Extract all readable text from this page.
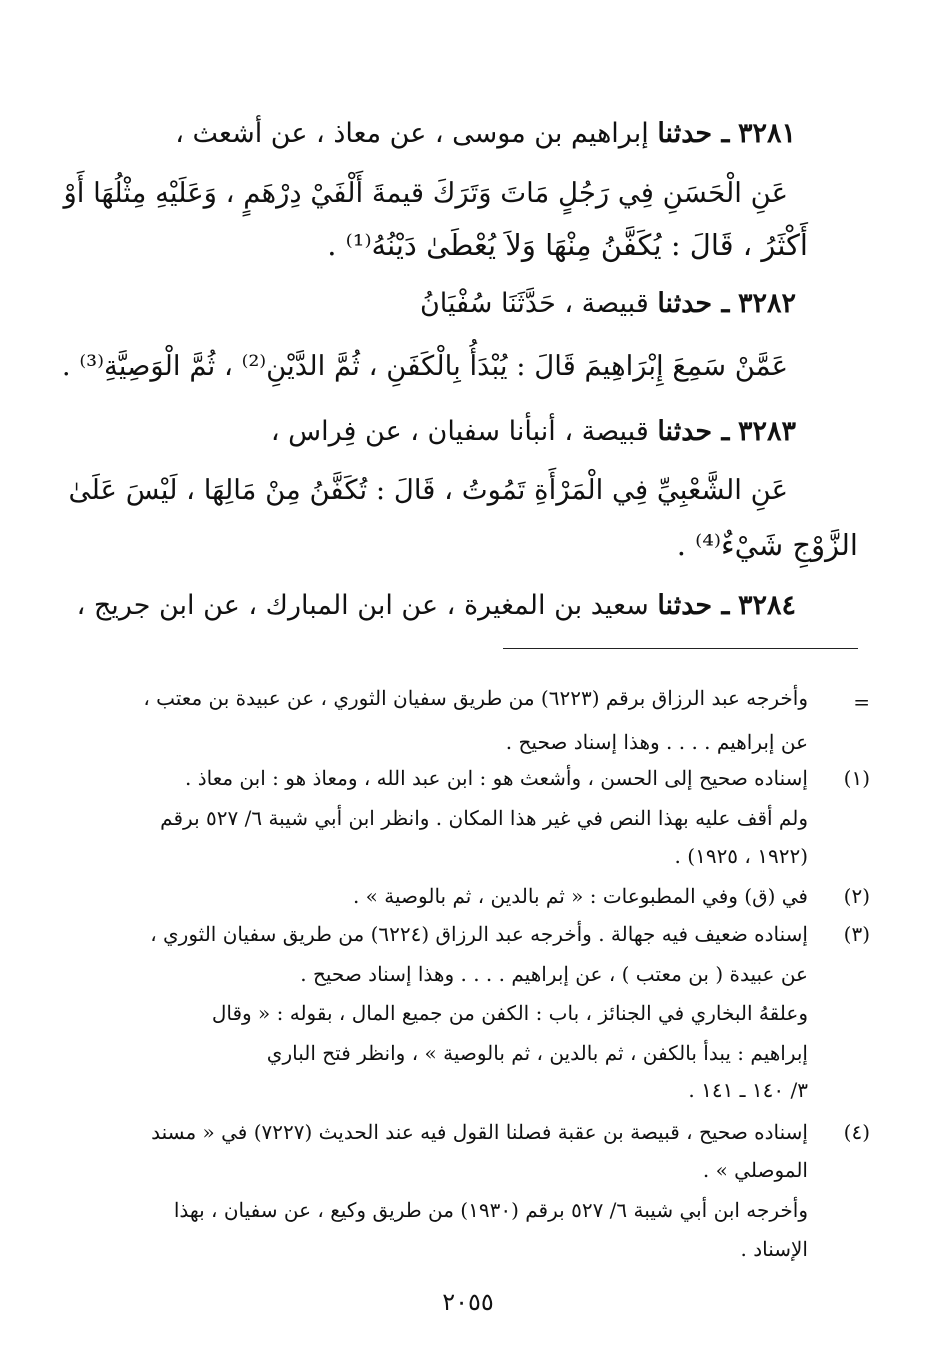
٣٢٨١ ـ حدثنا إبراهيم بن موسى ، عن معاذ ، عن أشعث ،
عَنِ الْحَسَنِ فِي رَجُلٍ مَاتَ وَتَرَكَ قيمةَ أَلْفَيْ دِرْهَمٍ ، وَعَلَيْهِ مِثْلُهَا أَوْ
أَكْثَرُ ، قَالَ : يُكَفَّنُ مِنْهَا وَلاَ يُعْطَىٰ دَيْنُهُ⁽¹⁾ .
٣٢٨٢ ـ حدثنا قبيصة ، حَدَّثَنَا سُفْيَانُ
عَمَّنْ سَمِعَ إِبْرَاهِيمَ قَالَ : يُبْدَأُ بِالْكَفَنِ ، ثُمَّ الدَّيْنِ⁽²⁾ ، ثُمَّ الْوَصِيَّةِ⁽³⁾ .
٣٢٨٣ ـ حدثنا قبيصة ، أنبأنا سفيان ، عن فِراس ،
عَنِ الشَّعْبِيِّ فِي الْمَرْأَةِ تَمُوتُ ، قَالَ : تُكَفَّنُ مِنْ مَالِهَا ، لَيْسَ عَلَىٰ
الزَّوْجِ شَيْءٌ⁽⁴⁾ .
٣٢٨٤ ـ حدثنا سعيد بن المغيرة ، عن ابن المبارك ، عن ابن جريج ،
=
وأخرجه عبد الرزاق برقم (٦٢٢٣) من طريق سفيان الثوري ، عن عبيدة بن معتب ،
عن إبراهيم . . . . وهذا إسناد صحيح .
(١)
إسناده صحيح إلى الحسن ، وأشعث هو : ابن عبد الله ، ومعاذ هو : ابن معاذ .
ولم أقف عليه بهذا النص في غير هذا المكان . وانظر ابن أبي شيبة ٦/ ٥٢٧ برقم
(١٩٢٢ ، ١٩٢٥) .
(٢)
في (ق) وفي المطبوعات : « ثم بالدين ، ثم بالوصية » .
(٣)
إسناده ضعيف فيه جهالة . وأخرجه عبد الرزاق (٦٢٢٤) من طريق سفيان الثوري ،
عن عبيدة ( بن معتب ) ، عن إبراهيم . . . . وهذا إسناد صحيح .
وعلقهُ البخاري في الجنائز ، باب : الكفن من جميع المال ، بقوله : « وقال
إبراهيم : يبدأ بالكفن ، ثم بالدين ، ثم بالوصية » ، وانظر فتح الباري
٣/ ١٤٠ ـ ١٤١ .
(٤)
إسناده صحيح ، قبيصة بن عقبة فصلنا القول فيه عند الحديث (٧٢٢٧) في « مسند
الموصلي » .
وأخرجه ابن أبي شيبة ٦/ ٥٢٧ برقم (١٩٣٠) من طريق وكيع ، عن سفيان ، بهذا
الإسناد .
٢٠٥٥
